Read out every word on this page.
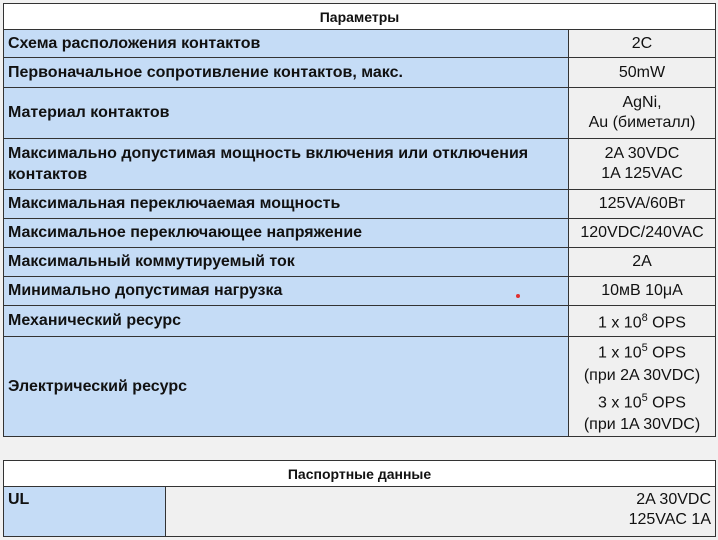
Параметры	
Схема расположения контактов	2C
Первоначальное сопротивление контактов, макс.	50mW
Материал контактов	AgNi,
Au (биметалл)

Максимально допустимая мощность включения или отключения контактов	2A 30VDC
1A 125VAC

Максимальная переключаемая мощность	125VA/60Вт
Максимальное переключающее напряжение	120VDC/240VAC
Максимальный коммутируемый ток	2A
Минимально допустимая нагрузка	10мВ 10μA
Механический ресурс	1 x $10^8$ OPS
Электрический ресурс	1 x $10^5$ OPS
(при 2A 30VDC)
3 x $10^5$ OPS
(при 1A 30VDC)
Паспортные данные
UL	2A 30VDC
125VAC 1A
